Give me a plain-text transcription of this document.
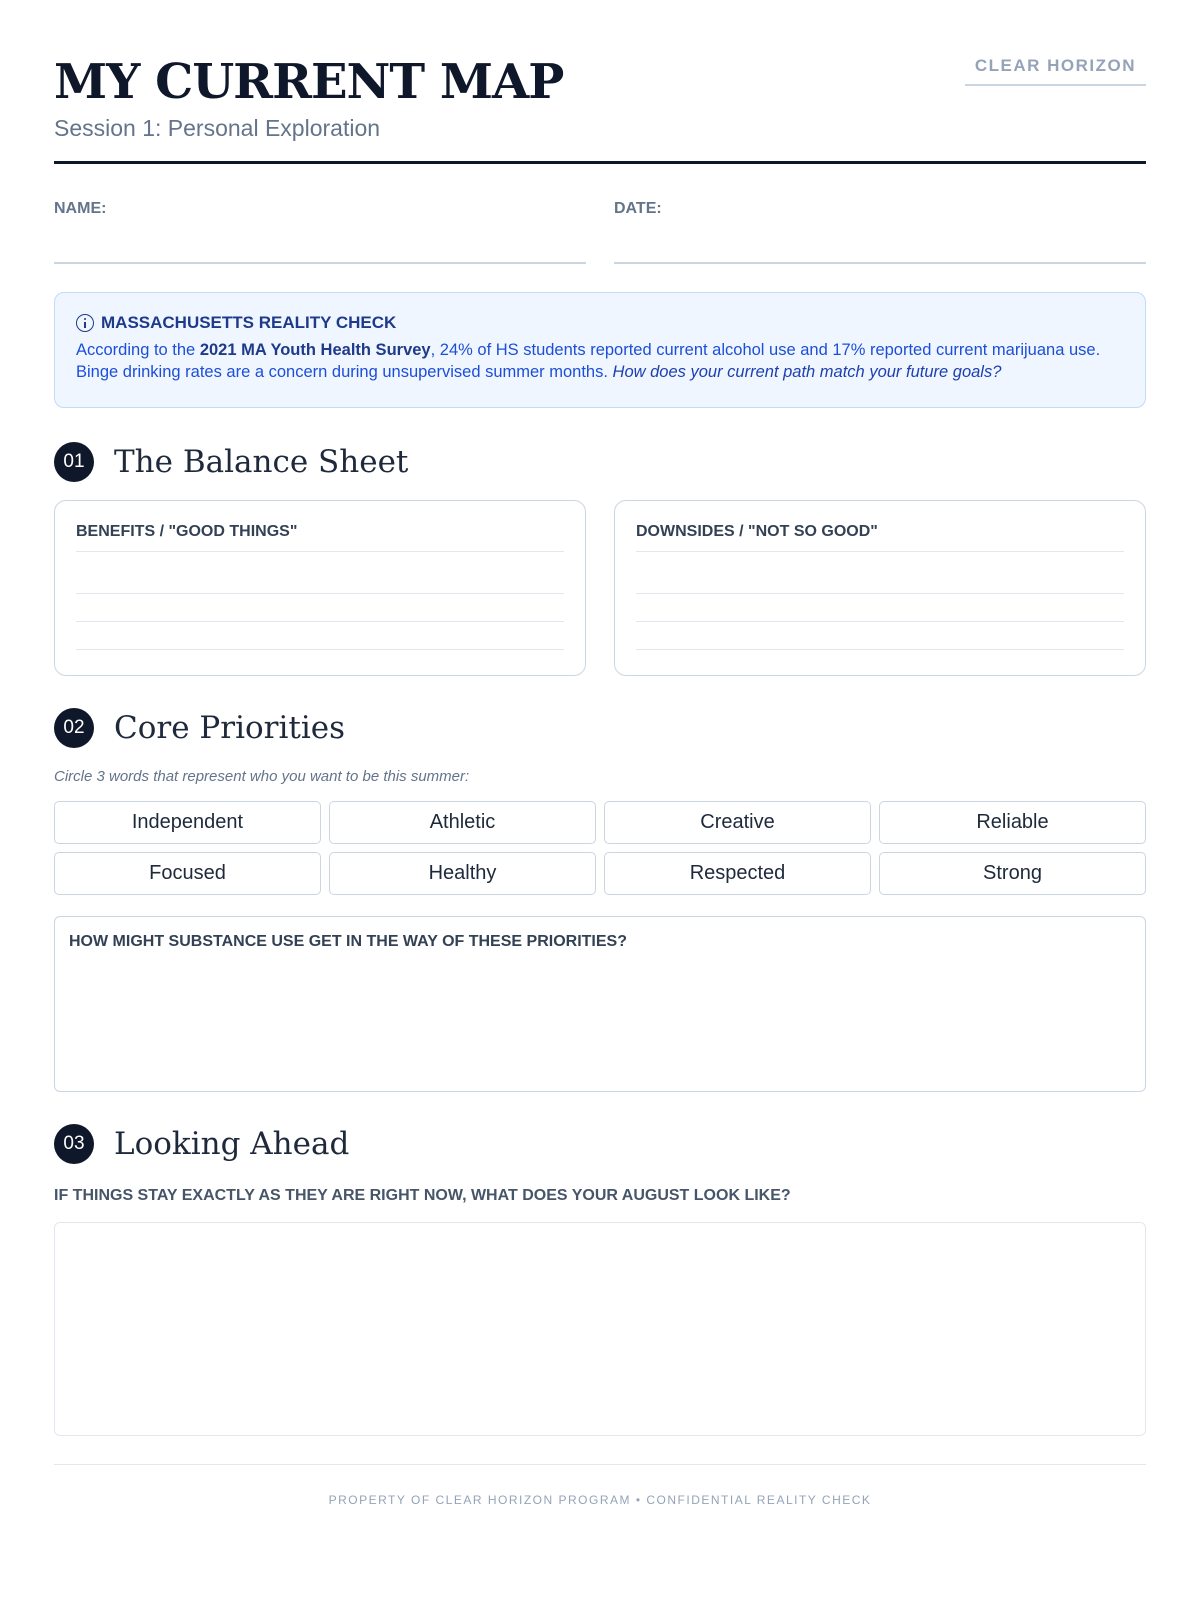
MY CURRENT MAP
Session 1: Personal Exploration
CLEAR HORIZON
NAME:	DATE:
MASSACHUSETTS REALITY CHECK
According to the 2021 MA Youth Health Survey, 24% of HS students reported current alcohol use and 17% reported current marijuana use. Binge drinking rates are a concern during unsupervised summer months. How does your current path match your future goals?
01 The Balance Sheet
BENEFITS / "GOOD THINGS"	DOWNSIDES / "NOT SO GOOD"
02 Core Priorities
Circle 3 words that represent who you want to be this summer:
Independent	Athletic	Creative	Reliable
Focused	Healthy	Respected	Strong
HOW MIGHT SUBSTANCE USE GET IN THE WAY OF THESE PRIORITIES?
03 Looking Ahead
IF THINGS STAY EXACTLY AS THEY ARE RIGHT NOW, WHAT DOES YOUR AUGUST LOOK LIKE?
PROPERTY OF CLEAR HORIZON PROGRAM • CONFIDENTIAL REALITY CHECK
